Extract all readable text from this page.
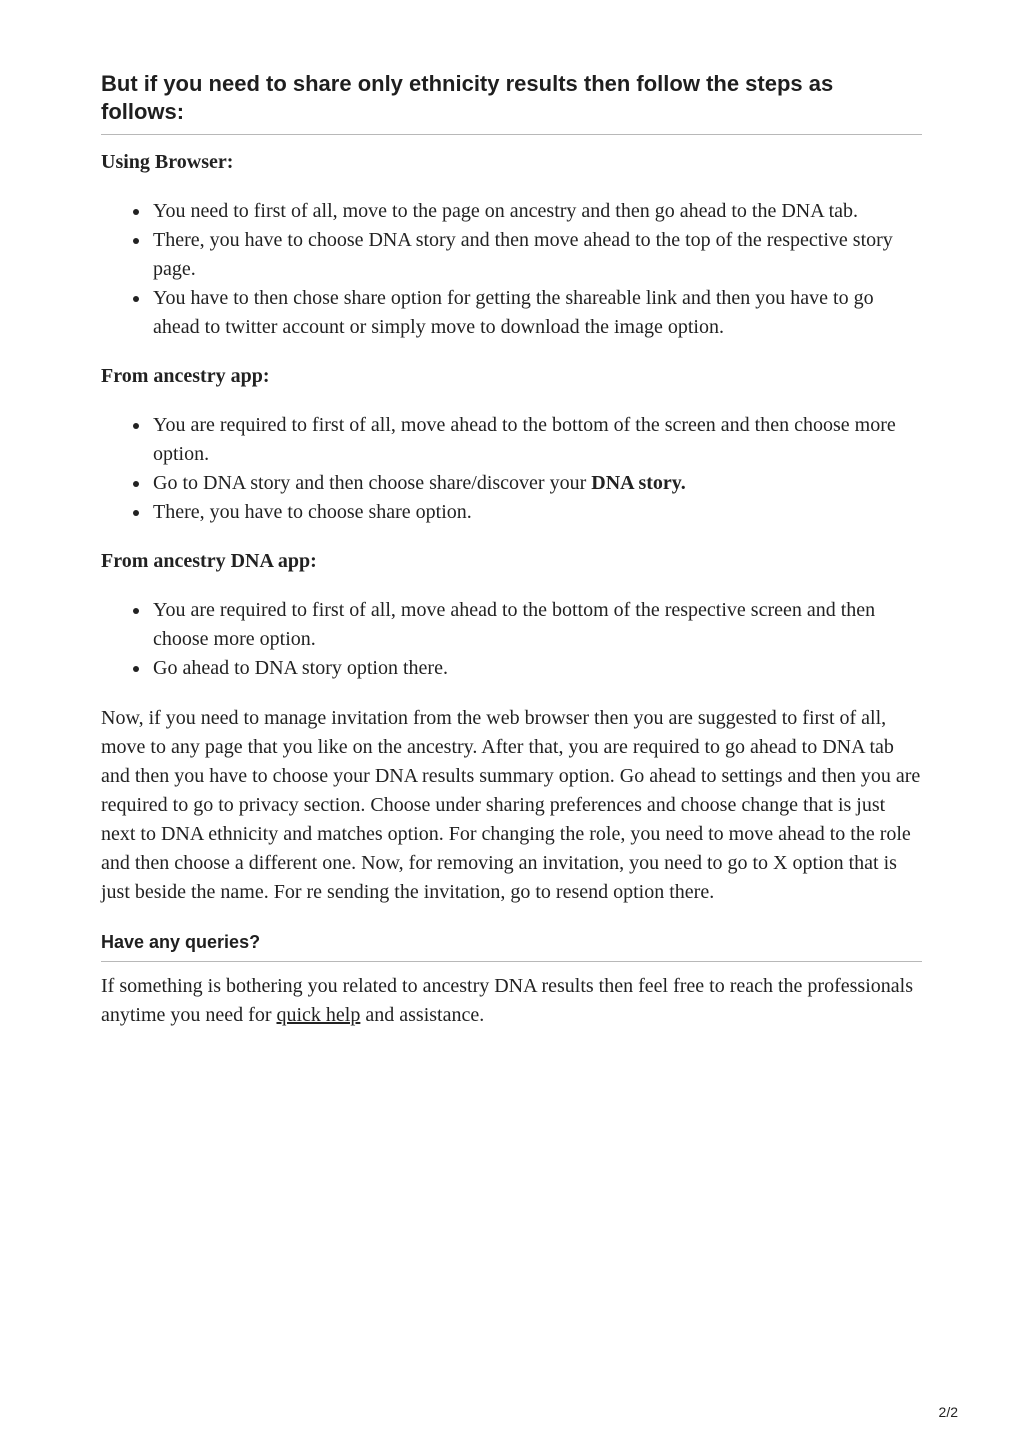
But if you need to share only ethnicity results then follow the steps as follows:
Using Browser:
You need to first of all, move to the page on ancestry and then go ahead to the DNA tab.
There, you have to choose DNA story and then move ahead to the top of the respective story page.
You have to then chose share option for getting the shareable link and then you have to go ahead to twitter account or simply move to download the image option.
From ancestry app:
You are required to first of all, move ahead to the bottom of the screen and then choose more option.
Go to DNA story and then choose share/discover your DNA story.
There, you have to choose share option.
From ancestry DNA app:
You are required to first of all, move ahead to the bottom of the respective screen and then choose more option.
Go ahead to DNA story option there.

Now, if you need to manage invitation from the web browser then you are suggested to first of all, move to any page that you like on the ancestry. After that, you are required to go ahead to DNA tab and then you have to choose your DNA results summary option. Go ahead to settings and then you are required to go to privacy section. Choose under sharing preferences and choose change that is just next to DNA ethnicity and matches option. For changing the role, you need to move ahead to the role and then choose a different one. Now, for removing an invitation, you need to go to X option that is just beside the name. For re sending the invitation, go to resend option there.

Have any queries?

If something is bothering you related to ancestry DNA results then feel free to reach the professionals anytime you need for quick help and assistance.

2/2
